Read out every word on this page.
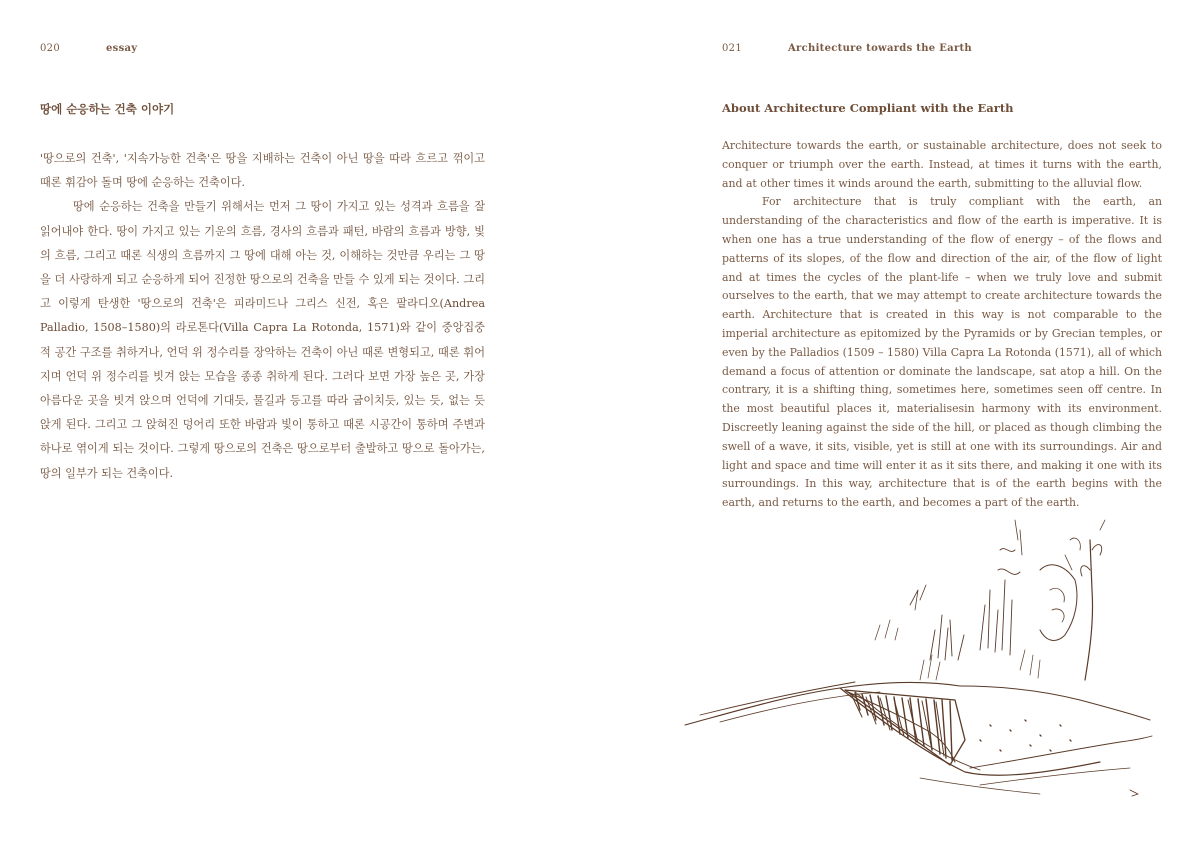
020	essay	021	Architecture towards the Earth
땅에 순응하는 건축 이야기

'땅으로의 건축', '지속가능한 건축'은 땅을 지배하는 건축이 아닌 땅을 따라 흐르고 꺾이고 때론 휘감아 돌며 땅에 순응하는 건축이다.

땅에 순응하는 건축을 만들기 위해서는 먼저 그 땅이 가지고 있는 성격과 흐름을 잘 읽어내야 한다. 땅이 가지고 있는 기운의 흐름, 경사의 흐름과 패턴, 바람의 흐름과 방향, 빛의 흐름, 그리고 때론 식생의 흐름까지 그 땅에 대해 아는 것, 이해하는 것만큼 우리는 그 땅을 더 사랑하게 되고 순응하게 되어 진정한 땅으로의 건축을 만들 수 있게 되는 것이다. 그리고 이렇게 탄생한 '땅으로의 건축'은 피라미드나 그리스 신전, 혹은 팔라디오(Andrea Palladio, 1508–1580)의 라로톤다(Villa Capra La Rotonda, 1571)와 같이 중앙집중적 공간 구조를 취하거나, 언덕 위 정수리를 장악하는 건축이 아닌 때론 변형되고, 때론 휘어지며 언덕 위 정수리를 빗겨 앉는 모습을 종종 취하게 된다. 그러다 보면 가장 높은 곳, 가장 아름다운 곳을 빗겨 앉으며 언덕에 기대듯, 물길과 등고를 따라 굽이치듯, 있는 듯, 없는 듯 앉게 된다. 그리고 그 앉혀진 덩어리 또한 바람과 빛이 통하고 때론 시공간이 통하며 주변과 하나로 엮이게 되는 것이다. 그렇게 땅으로의 건축은 땅으로부터 출발하고 땅으로 돌아가는, 땅의 일부가 되는 건축이다.

About Architecture Compliant with the Earth

Architecture towards the earth, or sustainable architecture, does not seek to conquer or triumph over the earth. Instead, at times it turns with the earth, and at other times it winds around the earth, submitting to the alluvial flow.

For architecture that is truly compliant with the earth, an understanding of the characteristics and flow of the earth is imperative. It is when one has a true understanding of the flow of energy – of the flows and patterns of its slopes, of the flow and direction of the air, of the flow of light and at times the cycles of the plant-life – when we truly love and submit ourselves to the earth, that we may attempt to create architecture towards the earth. Architecture that is created in this way is not comparable to the imperial architecture as epitomized by the Pyramids or by Grecian temples, or even by the Palladios (1509 – 1580) Villa Capra La Rotonda (1571), all of which demand a focus of attention or dominate the landscape, sat atop a hill. On the contrary, it is a shifting thing, sometimes here, sometimes seen off centre. In the most beautiful places it, materialisesin harmony with its environment. Discreetly leaning against the side of the hill, or placed as though climbing the swell of a wave, it sits, visible, yet is still at one with its surroundings. Air and light and space and time will enter it as it sits there, and making it one with its surroundings. In this way, architecture that is of the earth begins with the earth, and returns to the earth, and becomes a part of the earth.
